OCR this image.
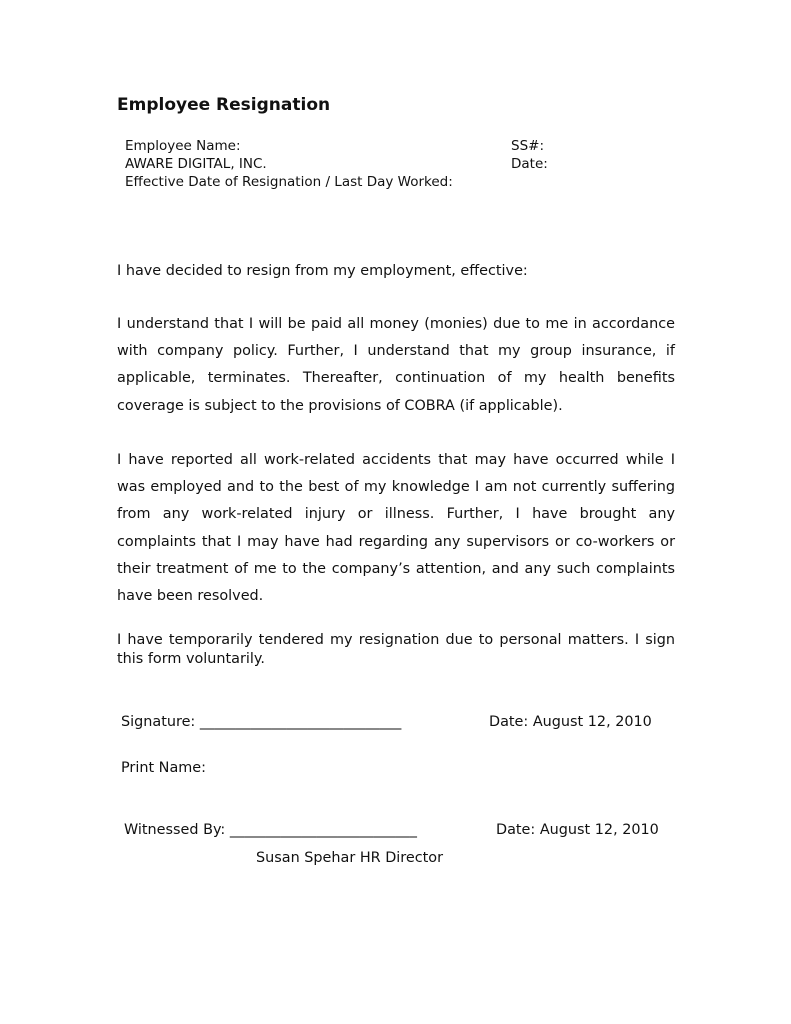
Employee Resignation
Employee Name:
AWARE DIGITAL, INC.
Effective Date of Resignation / Last Day Worked:
SS#:
Date:
I have decided to resign from my employment, effective:
I understand that I will be paid all money (monies) due to me in accordance with company policy. Further, I understand that my group insurance, if applicable, terminates. Thereafter, continuation of my health benefits coverage is subject to the provisions of COBRA (if applicable).
I have reported all work-related accidents that may have occurred while I was employed and to the best of my knowledge I am not currently suffering from any work-related injury or illness. Further, I have brought any complaints that I may have had regarding any supervisors or co-workers or their treatment of me to the company’s attention, and any such complaints have been resolved.
I have temporarily tendered my resignation due to personal matters. I sign this form voluntarily.
Signature: ____________________________	Date: August 12, 2010
Print Name:
Witnessed By: __________________________	Date: August 12, 2010
Susan Spehar HR Director
